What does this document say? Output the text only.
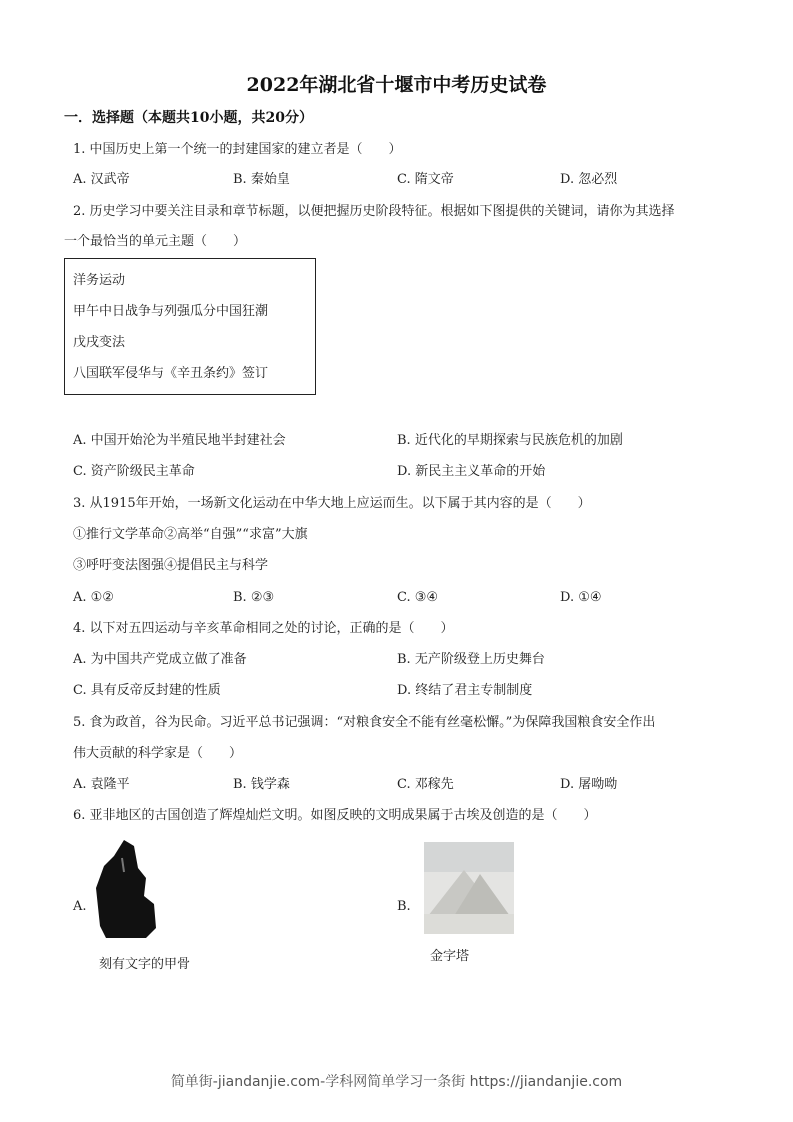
2022年湖北省十堰市中考历史试卷
一．选择题（本题共10小题，共20分）
1. 中国历史上第一个统一的封建国家的建立者是（　　）
A. 汉武帝	B. 秦始皇	C. 隋文帝	D. 忽必烈
2. 历史学习中要关注目录和章节标题，以便把握历史阶段特征。根据如下图提供的关键词，请你为其选择
一个最恰当的单元主题（　　）
洋务运动
甲午中日战争与列强瓜分中国狂潮
戊戌变法
八国联军侵华与《辛丑条约》签订
A. 中国开始沦为半殖民地半封建社会	B. 近代化的早期探索与民族危机的加剧
C. 资产阶级民主革命	D. 新民主主义革命的开始
3. 从1915年开始，一场新文化运动在中华大地上应运而生。以下属于其内容的是（　　）
①推行文学革命②高举“自强”“求富”大旗
③呼吁变法图强④提倡民主与科学
A. ①②	B. ②③	C. ③④	D. ①④
4. 以下对五四运动与辛亥革命相同之处的讨论，正确的是（　　）
A. 为中国共产党成立做了准备	B. 无产阶级登上历史舞台
C. 具有反帝反封建的性质	D. 终结了君主专制制度
5. 食为政首，谷为民命。习近平总书记强调：“对粮食安全不能有丝毫松懈。”为保障我国粮食安全作出
伟大贡献的科学家是（　　）
A. 袁隆平	B. 钱学森	C. 邓稼先	D. 屠呦呦
6. 亚非地区的古国创造了辉煌灿烂文明。如图反映的文明成果属于古埃及创造的是（　　）
A.
刻有文字的甲骨
B.
金字塔
简单街-jiandanjie.com-学科网简单学习一条街 https://jiandanjie.com
